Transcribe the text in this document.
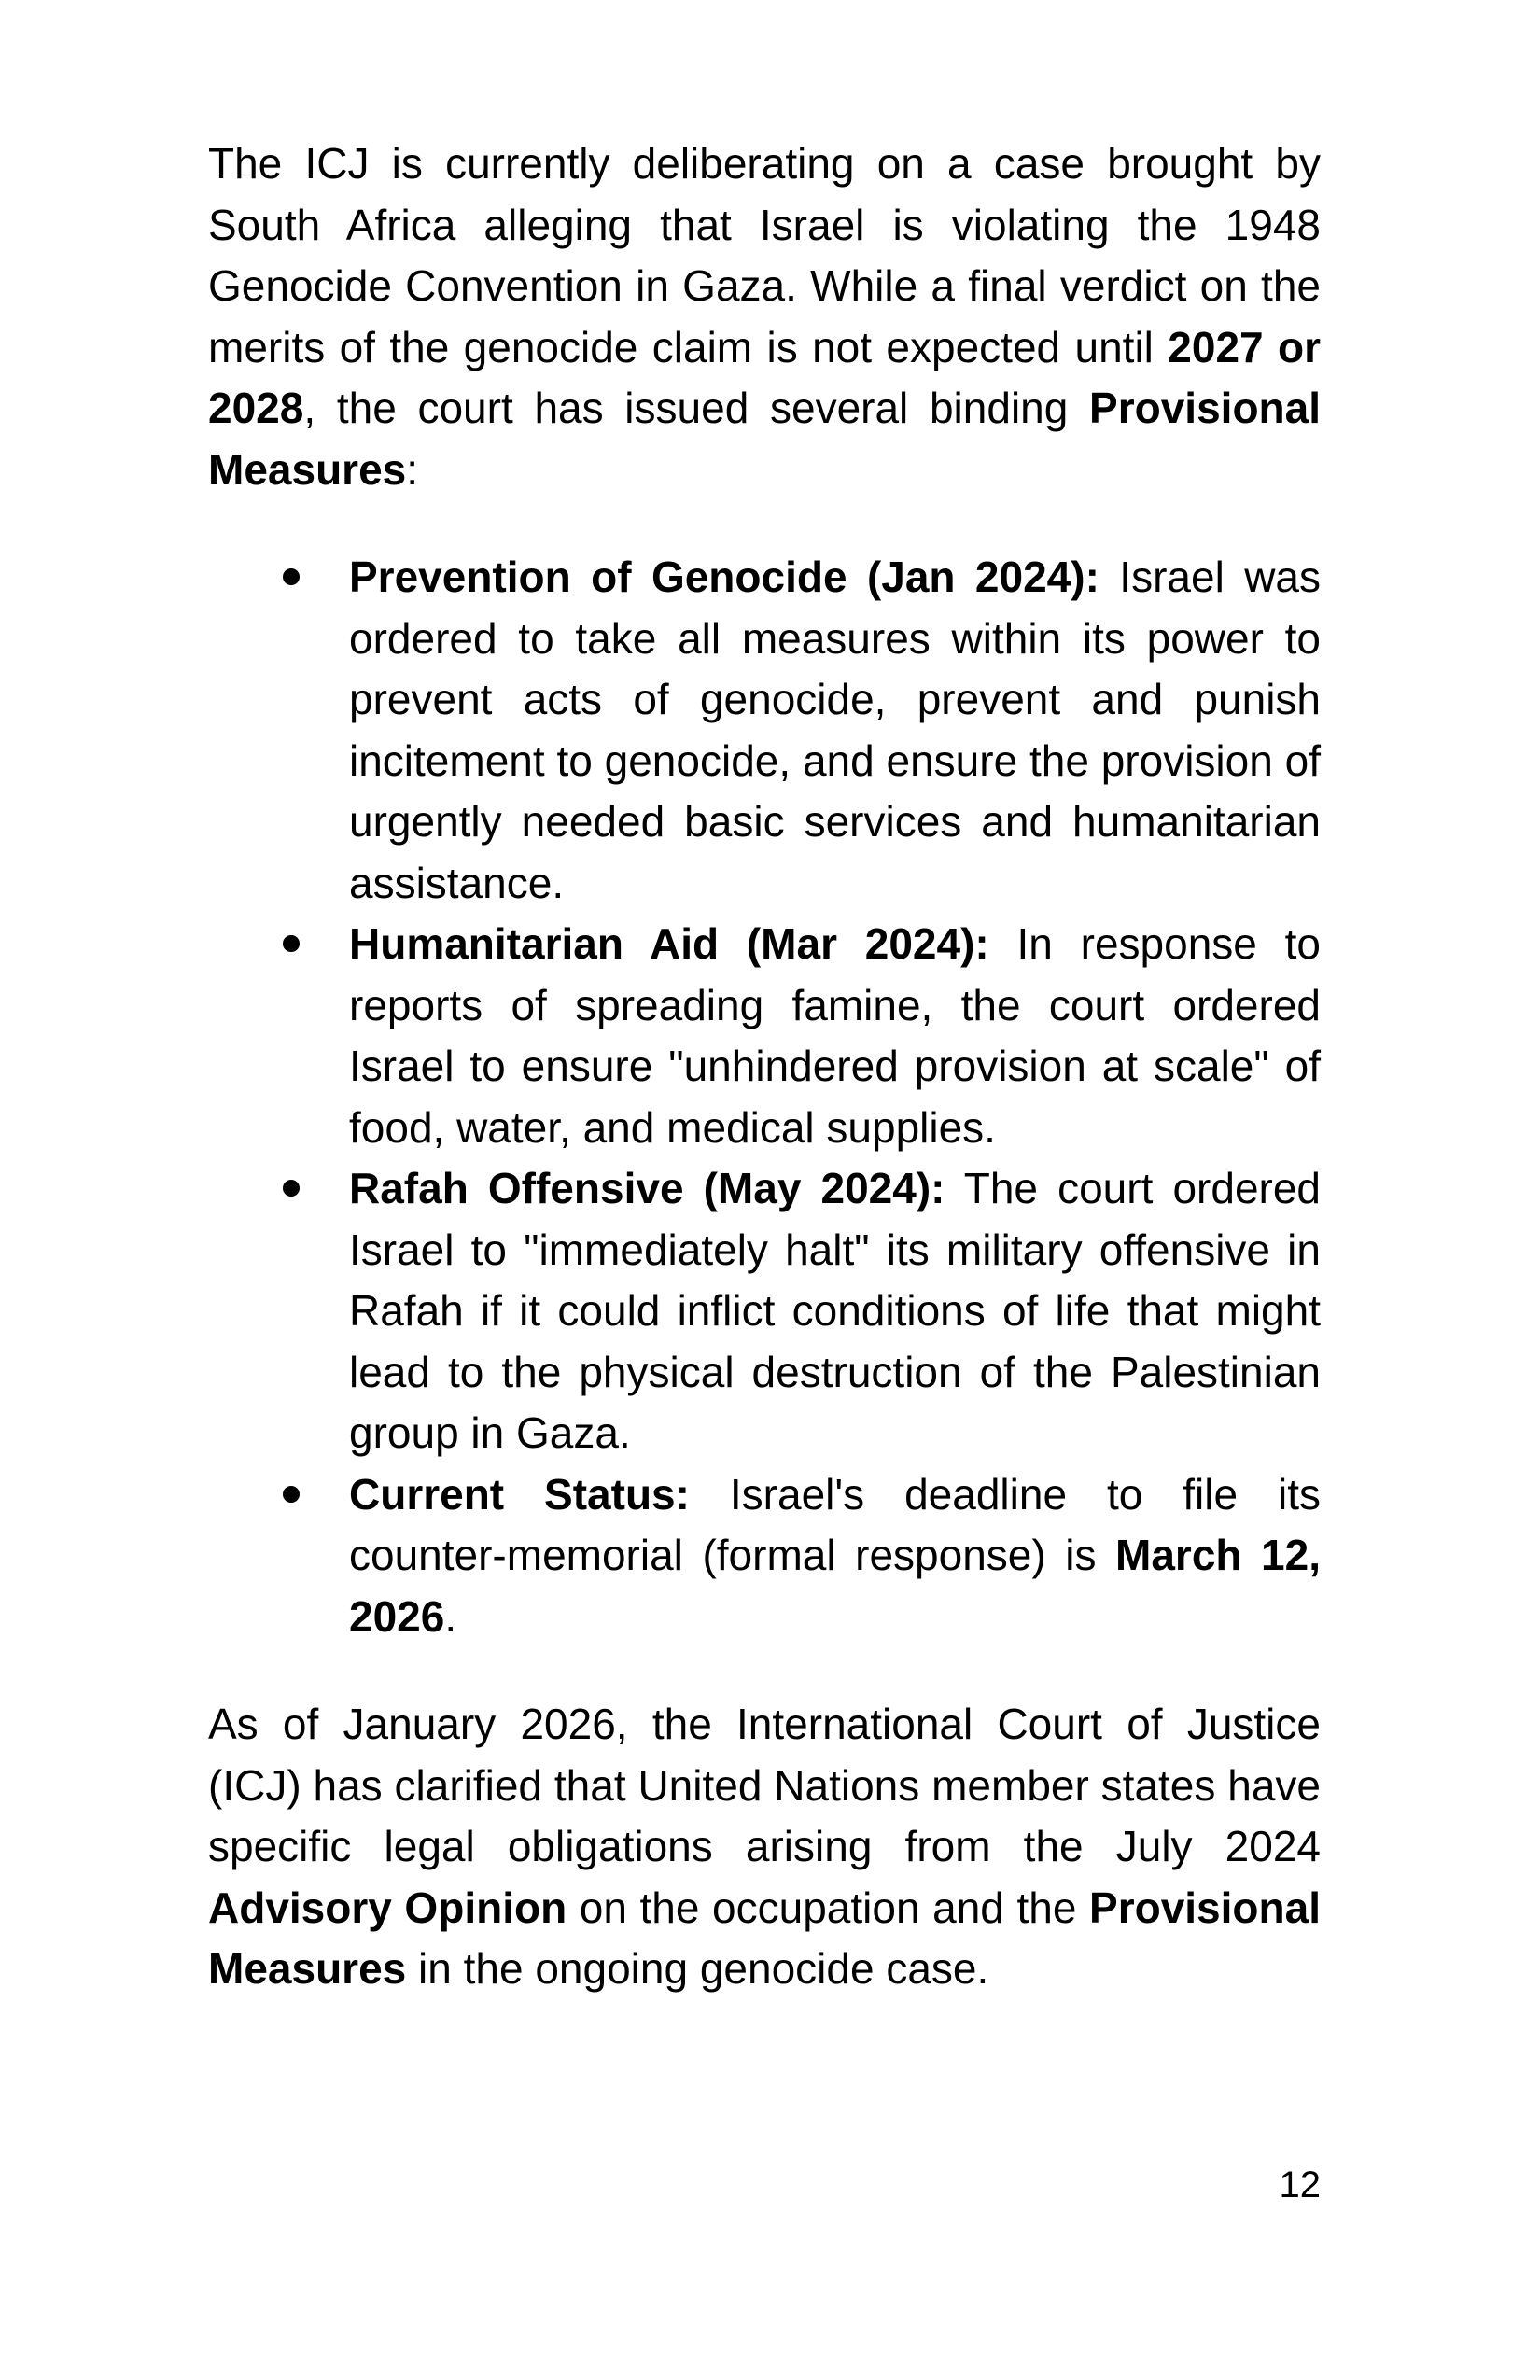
The ICJ is currently deliberating on a case brought by South Africa alleging that Israel is violating the 1948 Genocide Convention in Gaza. While a final verdict on the merits of the genocide claim is not expected until 2027 or 2028, the court has issued several binding Provisional Measures:

Prevention of Genocide (Jan 2024): Israel was ordered to take all measures within its power to prevent acts of genocide, prevent and punish incitement to genocide, and ensure the provision of urgently needed basic services and humanitarian assistance.
Humanitarian Aid (Mar 2024): In response to reports of spreading famine, the court ordered Israel to ensure "unhindered provision at scale" of food, water, and medical supplies.
Rafah Offensive (May 2024): The court ordered Israel to "immediately halt" its military offensive in Rafah if it could inflict conditions of life that might lead to the physical destruction of the Palestinian group in Gaza.
Current Status: Israel's deadline to file its counter-memorial (formal response) is March 12, 2026.

As of January 2026, the International Court of Justice (ICJ) has clarified that United Nations member states have specific legal obligations arising from the July 2024 Advisory Opinion on the occupation and the Provisional Measures in the ongoing genocide case.

12
